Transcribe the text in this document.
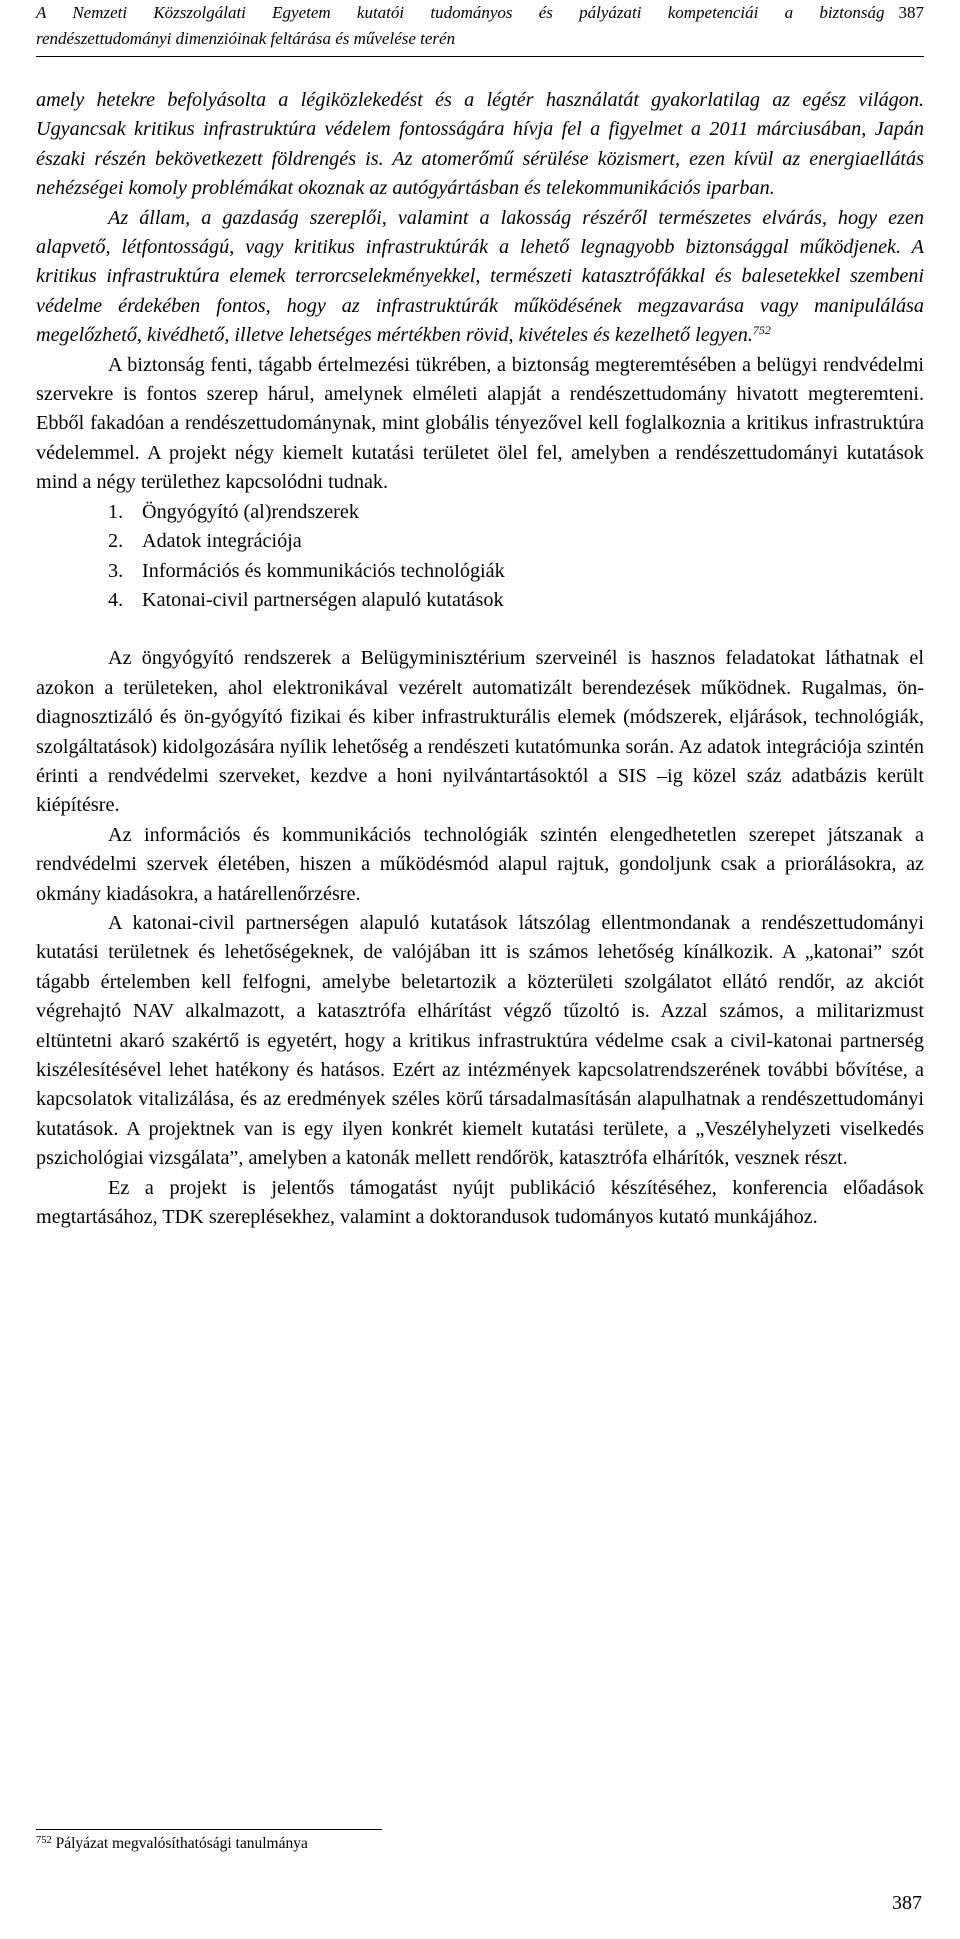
A Nemzeti Közszolgálati Egyetem kutatói tudományos és pályázati kompetenciái a biztonság 387
rendészettudományi dimenzióinak feltárása és művelése terén

amely hetekre befolyásolta a légiközlekedést és a légtér használatát gyakorlatilag az egész világon. Ugyancsak kritikus infrastruktúra védelem fontosságára hívja fel a figyelmet a 2011 márciusában, Japán északi részén bekövetkezett földrengés is. Az atomerőmű sérülése közismert, ezen kívül az energiaellátás nehézségei komoly problémákat okoznak az autógyártásban és telekommunikációs iparban.

Az állam, a gazdaság szereplői, valamint a lakosság részéről természetes elvárás, hogy ezen alapvető, létfontosságú, vagy kritikus infrastruktúrák a lehető legnagyobb biztonsággal működjenek. A kritikus infrastruktúra elemek terrorcselekményekkel, természeti katasztrófákkal és balesetekkel szembeni védelme érdekében fontos, hogy az infrastruktúrák működésének megzavarása vagy manipulálása megelőzhető, kivédhető, illetve lehetséges mértékben rövid, kivételes és kezelhető legyen.$^{752}$

A biztonság fenti, tágabb értelmezési tükrében, a biztonság megteremtésében a belügyi rendvédelmi szervekre is fontos szerep hárul, amelynek elméleti alapját a rendészettudomány hivatott megteremteni. Ebből fakadóan a rendészettudománynak, mint globális tényezővel kell foglalkoznia a kritikus infrastruktúra védelemmel. A projekt négy kiemelt kutatási területet ölel fel, amelyben a rendészettudományi kutatások mind a négy területhez kapcsolódni tudnak.

1. Öngyógyító (al)rendszerek
2. Adatok integrációja
3. Információs és kommunikációs technológiák
4. Katonai-civil partnerségen alapuló kutatások

Az öngyógyító rendszerek a Belügyminisztérium szerveinél is hasznos feladatokat láthatnak el azokon a területeken, ahol elektronikával vezérelt automatizált berendezések működnek. Rugalmas, ön-diagnosztizáló és ön-gyógyító fizikai és kiber infrastrukturális elemek (módszerek, eljárások, technológiák, szolgáltatások) kidolgozására nyílik lehetőség a rendészeti kutatómunka során. Az adatok integrációja szintén érinti a rendvédelmi szerveket, kezdve a honi nyilvántartásoktól a SIS –ig közel száz adatbázis került kiépítésre.

Az információs és kommunikációs technológiák szintén elengedhetetlen szerepet játszanak a rendvédelmi szervek életében, hiszen a működésmód alapul rajtuk, gondoljunk csak a priorálásokra, az okmány kiadásokra, a határellenőrzésre.

A katonai-civil partnerségen alapuló kutatások látszólag ellentmondanak a rendészettudományi kutatási területnek és lehetőségeknek, de valójában itt is számos lehetőség kínálkozik. A „katonai” szót tágabb értelemben kell felfogni, amelybe beletartozik a közterületi szolgálatot ellátó rendőr, az akciót végrehajtó NAV alkalmazott, a katasztrófa elhárítást végző tűzoltó is. Azzal számos, a militarizmust eltüntetni akaró szakértő is egyetért, hogy a kritikus infrastruktúra védelme csak a civil-katonai partnerség kiszélesítésével lehet hatékony és hatásos. Ezért az intézmények kapcsolatrendszerének további bővítése, a kapcsolatok vitalizálása, és az eredmények széles körű társadalmasításán alapulhatnak a rendészettudományi kutatások. A projektnek van is egy ilyen konkrét kiemelt kutatási területe, a „Veszélyhelyzeti viselkedés pszichológiai vizsgálata”, amelyben a katonák mellett rendőrök, katasztrófa elhárítók, vesznek részt.

Ez a projekt is jelentős támogatást nyújt publikáció készítéséhez, konferencia előadások megtartásához, TDK szereplésekhez, valamint a doktorandusok tudományos kutató munkájához.

$^{752}$ Pályázat megvalósíthatósági tanulmánya
387
